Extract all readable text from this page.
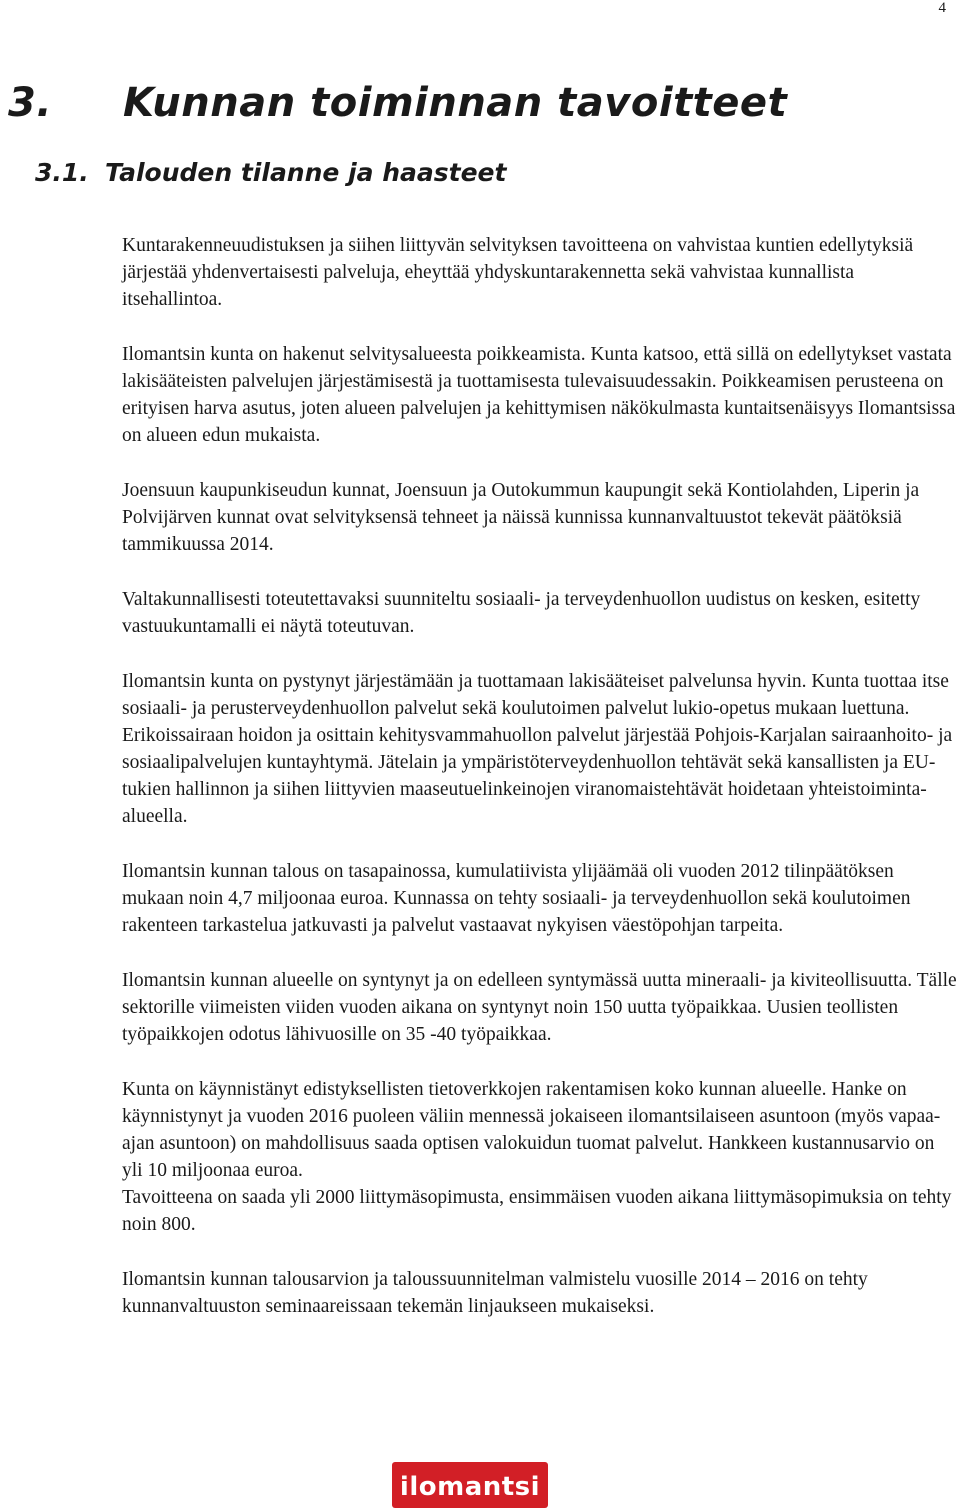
4
3. Kunnan toiminnan tavoitteet
3.1. Talouden tilanne ja haasteet

Kuntarakenneuudistuksen ja siihen liittyvän selvityksen tavoitteena on vahvistaa kuntien edellytyksiä järjestää yhdenvertaisesti palveluja, eheyttää yhdyskuntarakennetta sekä vahvistaa kunnallista itsehallintoa.

Ilomantsin kunta on hakenut selvitysalueesta poikkeamista. Kunta katsoo, että sillä on edellytykset vastata lakisääteisten palvelujen järjestämisestä ja tuottamisesta tulevaisuudessakin. Poikkeamisen perusteena on erityisen harva asutus, joten alueen palvelujen ja kehittymisen näkökulmasta kuntaitsenäisyys Ilomantsissa on alueen edun mukaista.

Joensuun kaupunkiseudun kunnat, Joensuun ja Outokummun kaupungit sekä Kontiolahden, Liperin ja Polvijärven kunnat ovat selvityksensä tehneet ja näissä kunnissa kunnanvaltuustot tekevät päätöksiä tammikuussa 2014.

Valtakunnallisesti toteutettavaksi suunniteltu sosiaali- ja terveydenhuollon uudistus on kesken, esitetty vastuukuntamalli ei näytä toteutuvan.

Ilomantsin kunta on pystynyt järjestämään ja tuottamaan lakisääteiset palvelunsa hyvin. Kunta tuottaa itse sosiaali- ja perusterveydenhuollon palvelut sekä koulutoimen palvelut lukio-opetus mukaan luettuna. Erikoissairaan hoidon ja osittain kehitysvammahuollon palvelut järjestää Pohjois-Karjalan sairaanhoito- ja sosiaalipalvelujen kuntayhtymä. Jätelain ja ympäristöterveydenhuollon tehtävät sekä kansallisten ja EU-tukien hallinnon ja siihen liittyvien maaseutuelinkeinojen viranomaistehtävät hoidetaan yhteistoiminta-alueella.

Ilomantsin kunnan talous on tasapainossa, kumulatiivista ylijäämää oli vuoden 2012 tilinpäätöksen mukaan noin 4,7 miljoonaa euroa. Kunnassa on tehty sosiaali- ja terveydenhuollon sekä koulutoimen rakenteen tarkastelua jatkuvasti ja palvelut vastaavat nykyisen väestöpohjan tarpeita.

Ilomantsin kunnan alueelle on syntynyt ja on edelleen syntymässä uutta mineraali- ja kiviteollisuutta. Tälle sektorille viimeisten viiden vuoden aikana on syntynyt noin 150 uutta työpaikkaa. Uusien teollisten työpaikkojen odotus lähivuosille on 35 -40 työpaikkaa.

Kunta on käynnistänyt edistyksellisten tietoverkkojen rakentamisen koko kunnan alueelle. Hanke on käynnistynyt ja vuoden 2016 puoleen väliin mennessä jokaiseen ilomantsilaiseen asuntoon (myös vapaa-ajan asuntoon) on mahdollisuus saada optisen valokuidun tuomat palvelut. Hankkeen kustannusarvio on yli 10 miljoonaa euroa.

Tavoitteena on saada yli 2000 liittymäsopimusta, ensimmäisen vuoden aikana liittymäsopimuksia on tehty noin 800.

Ilomantsin kunnan talousarvion ja taloussuunnitelman valmistelu vuosille 2014 – 2016 on tehty kunnanvaltuuston seminaareissaan tekemän linjaukseen mukaiseksi.

ilomantsi
